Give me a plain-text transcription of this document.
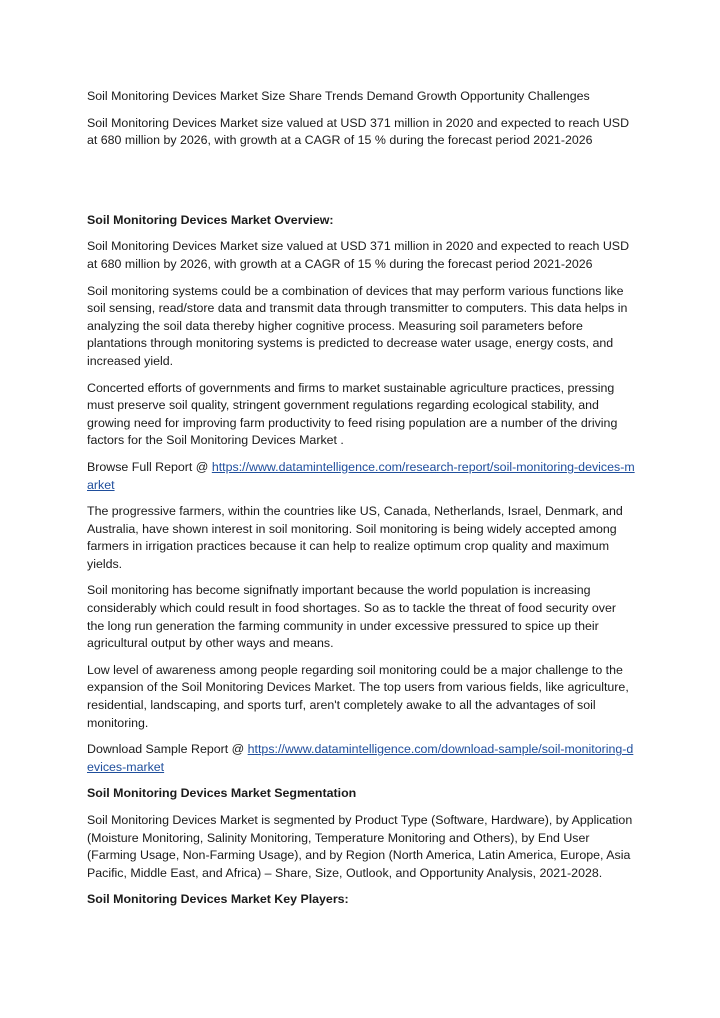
Soil Monitoring Devices Market Size Share Trends Demand Growth Opportunity Challenges

Soil Monitoring Devices Market size valued at USD 371 million in 2020 and expected to reach USD at 680 million by 2026, with growth at a CAGR of 15 % during the forecast period 2021-2026

Soil Monitoring Devices Market Overview:

Soil Monitoring Devices Market size valued at USD 371 million in 2020 and expected to reach USD at 680 million by 2026, with growth at a CAGR of 15 % during the forecast period 2021-2026

Soil monitoring systems could be a combination of devices that may perform various functions like soil sensing, read/store data and transmit data through transmitter to computers. This data helps in analyzing the soil data thereby higher cognitive process. Measuring soil parameters before plantations through monitoring systems is predicted to decrease water usage, energy costs, and increased yield.

Concerted efforts of governments and firms to market sustainable agriculture practices, pressing must preserve soil quality, stringent government regulations regarding ecological stability, and growing need for improving farm productivity to feed rising population are a number of the driving factors for the Soil Monitoring Devices Market .

Browse Full Report @ https://www.datamintelligence.com/research-report/soil-monitoring-devices-market

The progressive farmers, within the countries like US, Canada, Netherlands, Israel, Denmark, and Australia, have shown interest in soil monitoring. Soil monitoring is being widely accepted among farmers in irrigation practices because it can help to realize optimum crop quality and maximum yields.

Soil monitoring has become signifnatly important because the world population is increasing considerably which could result in food shortages. So as to tackle the threat of food security over the long run generation the farming community in under excessive pressured to spice up their agricultural output by other ways and means.

Low level of awareness among people regarding soil monitoring could be a major challenge to the expansion of the Soil Monitoring Devices Market. The top users from various fields, like agriculture, residential, landscaping, and sports turf, aren't completely awake to all the advantages of soil monitoring.

Download Sample Report @ https://www.datamintelligence.com/download-sample/soil-monitoring-devices-market

Soil Monitoring Devices Market Segmentation

Soil Monitoring Devices Market is segmented by Product Type (Software, Hardware), by Application (Moisture Monitoring, Salinity Monitoring, Temperature Monitoring and Others), by End User (Farming Usage, Non-Farming Usage), and by Region (North America, Latin America, Europe, Asia Pacific, Middle East, and Africa) – Share, Size, Outlook, and Opportunity Analysis, 2021-2028.

Soil Monitoring Devices Market Key Players:
